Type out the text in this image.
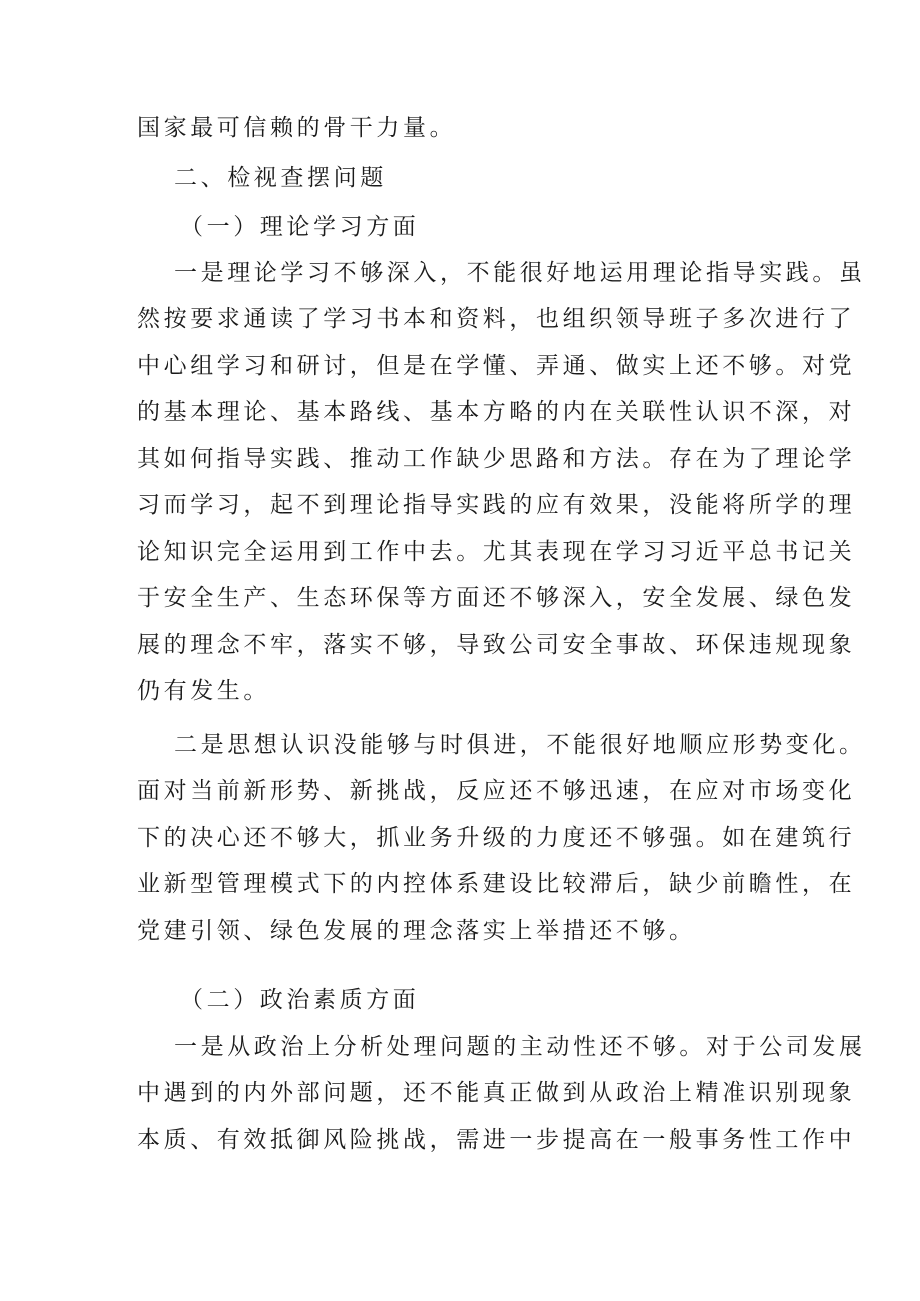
国家最可信赖的骨干力量。
二、检视查摆问题
（一）理论学习方面
一是理论学习不够深入，不能很好地运用理论指导实践。虽
然按要求通读了学习书本和资料，也组织领导班子多次进行了
中心组学习和研讨，但是在学懂、弄通、做实上还不够。对党
的基本理论、基本路线、基本方略的内在关联性认识不深，对
其如何指导实践、推动工作缺少思路和方法。存在为了理论学
习而学习，起不到理论指导实践的应有效果，没能将所学的理
论知识完全运用到工作中去。尤其表现在学习习近平总书记关
于安全生产、生态环保等方面还不够深入，安全发展、绿色发
展的理念不牢，落实不够，导致公司安全事故、环保违规现象
仍有发生。
二是思想认识没能够与时俱进，不能很好地顺应形势变化。
面对当前新形势、新挑战，反应还不够迅速，在应对市场变化
下的决心还不够大，抓业务升级的力度还不够强。如在建筑行
业新型管理模式下的内控体系建设比较滞后，缺少前瞻性，在
党建引领、绿色发展的理念落实上举措还不够。
（二）政治素质方面
一是从政治上分析处理问题的主动性还不够。对于公司发展
中遇到的内外部问题，还不能真正做到从政治上精准识别现象
本质、有效抵御风险挑战，需进一步提高在一般事务性工作中
